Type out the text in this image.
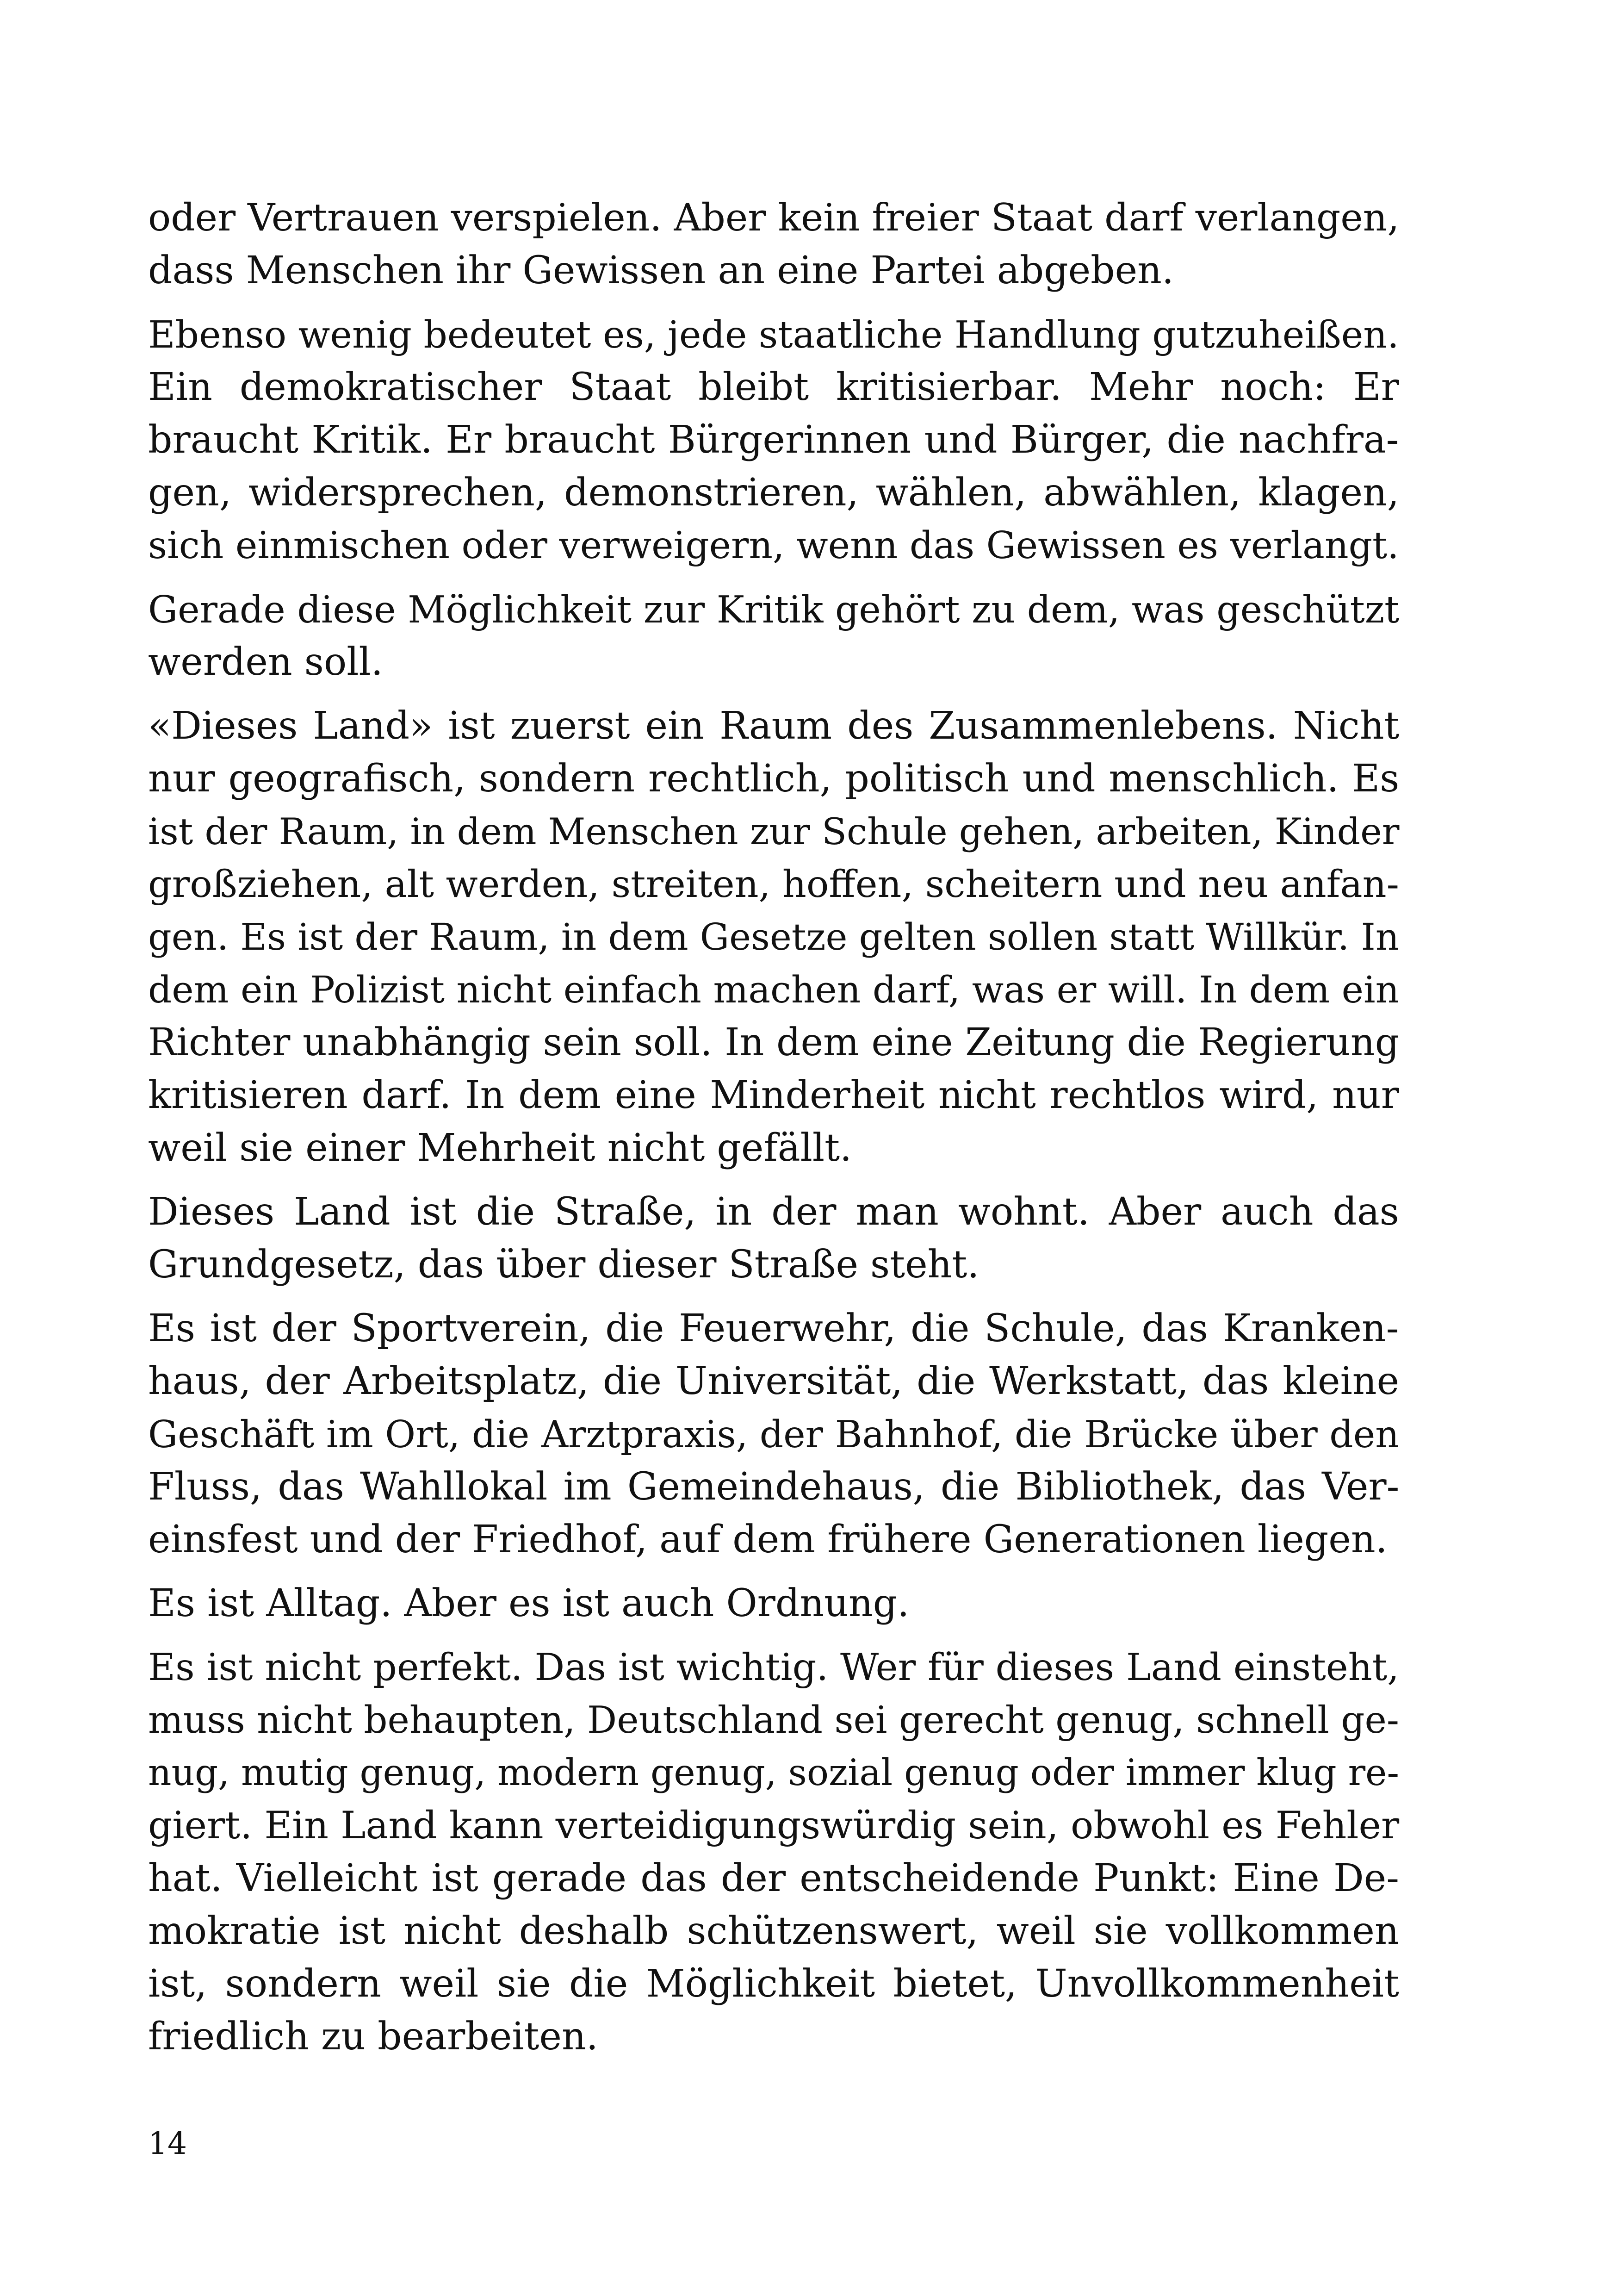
oder Vertrauen verspielen. Aber kein freier Staat darf verlangen,
dass Menschen ihr Gewissen an eine Partei abgeben.
Ebenso wenig bedeutet es, jede staatliche Handlung gutzuheißen.
Ein demokratischer Staat bleibt kritisierbar. Mehr noch: Er
braucht Kritik. Er braucht Bürgerinnen und Bürger, die nachfra-
gen, widersprechen, demonstrieren, wählen, abwählen, klagen,
sich einmischen oder verweigern, wenn das Gewissen es verlangt.
Gerade diese Möglichkeit zur Kritik gehört zu dem, was geschützt
werden soll.
«Dieses Land» ist zuerst ein Raum des Zusammenlebens. Nicht
nur geografisch, sondern rechtlich, politisch und menschlich. Es
ist der Raum, in dem Menschen zur Schule gehen, arbeiten, Kinder
großziehen, alt werden, streiten, hoffen, scheitern und neu anfan-
gen. Es ist der Raum, in dem Gesetze gelten sollen statt Willkür. In
dem ein Polizist nicht einfach machen darf, was er will. In dem ein
Richter unabhängig sein soll. In dem eine Zeitung die Regierung
kritisieren darf. In dem eine Minderheit nicht rechtlos wird, nur
weil sie einer Mehrheit nicht gefällt.
Dieses Land ist die Straße, in der man wohnt. Aber auch das
Grundgesetz, das über dieser Straße steht.
Es ist der Sportverein, die Feuerwehr, die Schule, das Kranken-
haus, der Arbeitsplatz, die Universität, die Werkstatt, das kleine
Geschäft im Ort, die Arztpraxis, der Bahnhof, die Brücke über den
Fluss, das Wahllokal im Gemeindehaus, die Bibliothek, das Ver-
einsfest und der Friedhof, auf dem frühere Generationen liegen.
Es ist Alltag. Aber es ist auch Ordnung.
Es ist nicht perfekt. Das ist wichtig. Wer für dieses Land einsteht,
muss nicht behaupten, Deutschland sei gerecht genug, schnell ge-
nug, mutig genug, modern genug, sozial genug oder immer klug re-
giert. Ein Land kann verteidigungswürdig sein, obwohl es Fehler
hat. Vielleicht ist gerade das der entscheidende Punkt: Eine De-
mokratie ist nicht deshalb schützenswert, weil sie vollkommen
ist, sondern weil sie die Möglichkeit bietet, Unvollkommenheit
friedlich zu bearbeiten.
14
